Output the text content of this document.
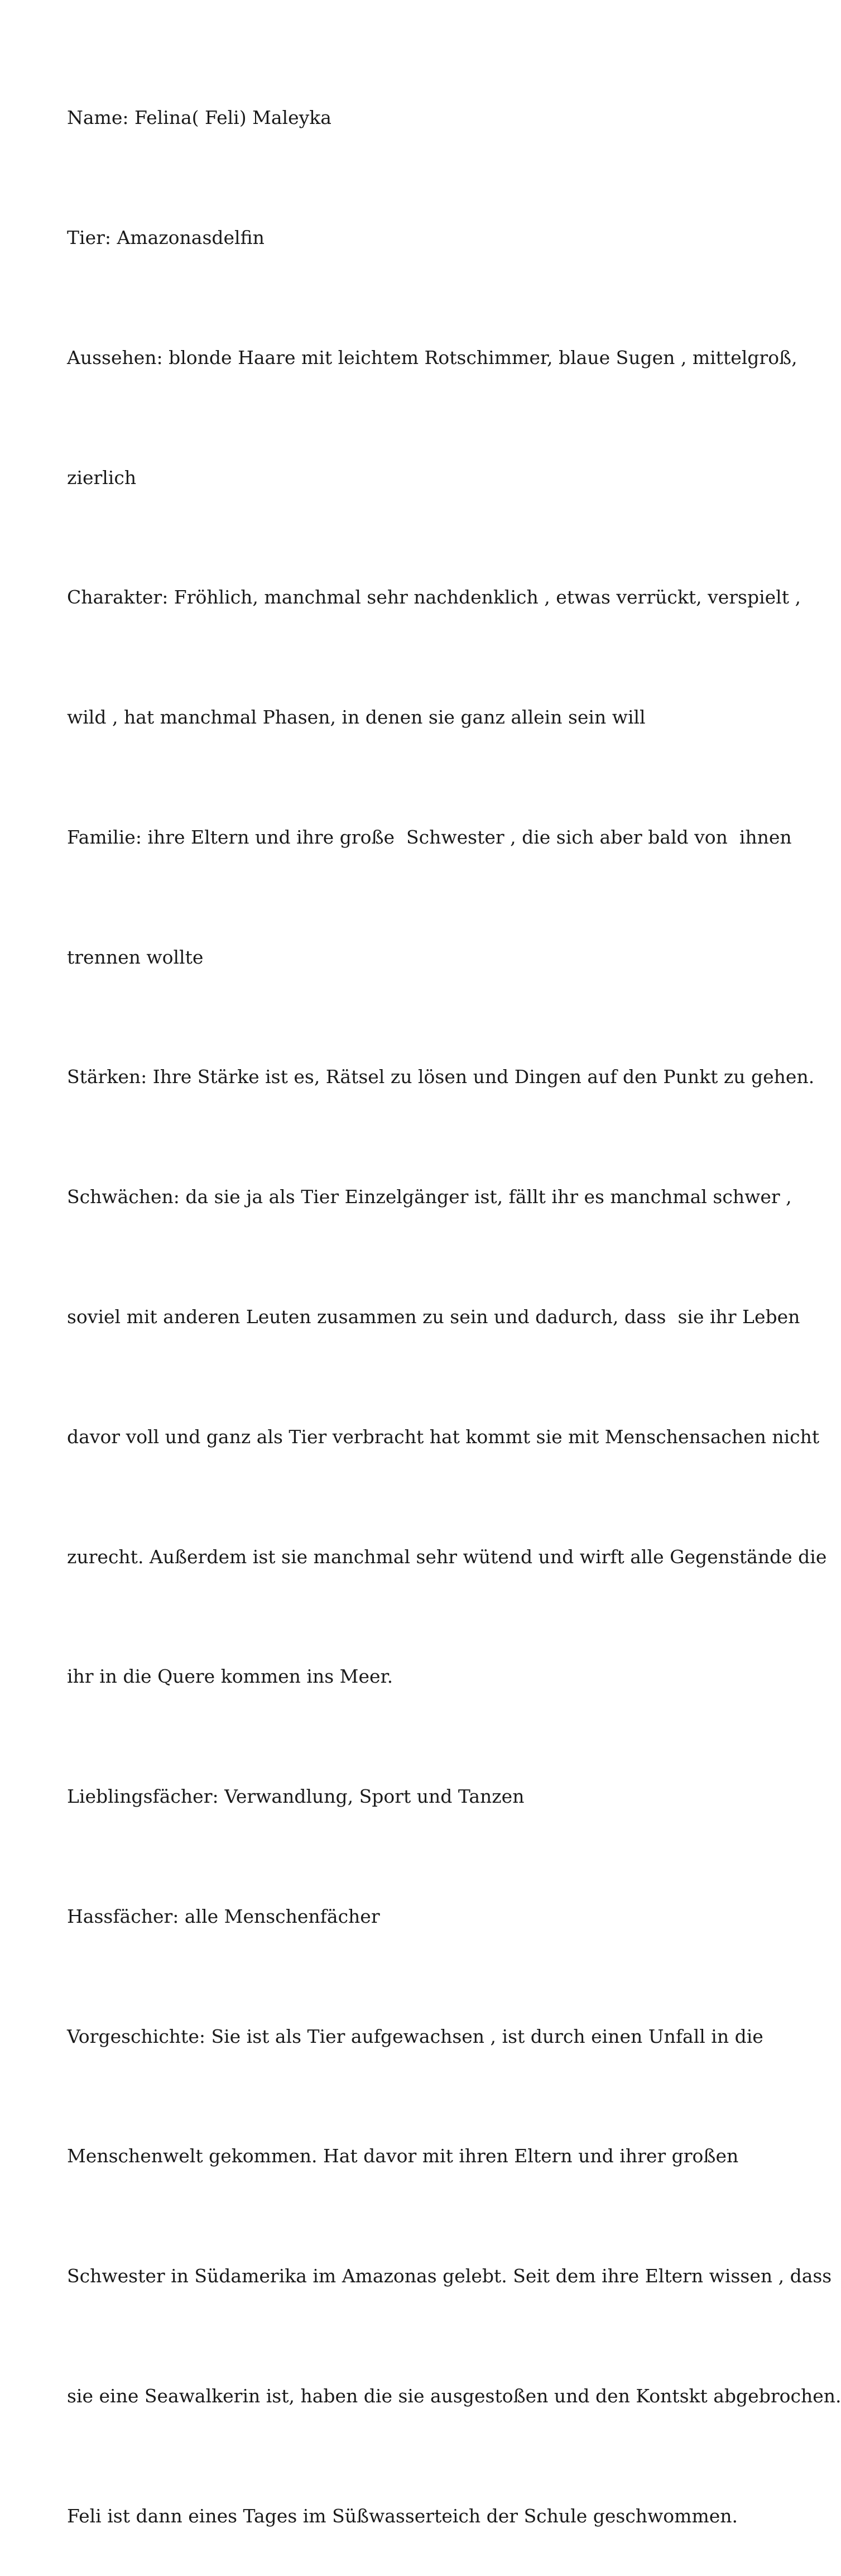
Name: Felina( Feli) Maleyka

Tier: Amazonasdelfin

Aussehen: blonde Haare mit leichtem Rotschimmer, blaue Sugen , mittelgroß,

zierlich

Charakter: Fröhlich, manchmal sehr nachdenklich , etwas verrückt, verspielt ,

wild , hat manchmal Phasen, in denen sie ganz allein sein will

Familie: ihre Eltern und ihre große  Schwester , die sich aber bald von  ihnen

trennen wollte

Stärken: Ihre Stärke ist es, Rätsel zu lösen und Dingen auf den Punkt zu gehen.

Schwächen: da sie ja als Tier Einzelgänger ist, fällt ihr es manchmal schwer ,

soviel mit anderen Leuten zusammen zu sein und dadurch, dass  sie ihr Leben

davor voll und ganz als Tier verbracht hat kommt sie mit Menschensachen nicht

zurecht. Außerdem ist sie manchmal sehr wütend und wirft alle Gegenstände die

ihr in die Quere kommen ins Meer.

Lieblingsfächer: Verwandlung, Sport und Tanzen

Hassfächer: alle Menschenfächer

Vorgeschichte: Sie ist als Tier aufgewachsen , ist durch einen Unfall in die

Menschenwelt gekommen. Hat davor mit ihren Eltern und ihrer großen

Schwester in Südamerika im Amazonas gelebt. Seit dem ihre Eltern wissen , dass

sie eine Seawalkerin ist, haben die sie ausgestoßen und den Kontskt abgebrochen.

Feli ist dann eines Tages im Süßwasserteich der Schule geschwommen.
